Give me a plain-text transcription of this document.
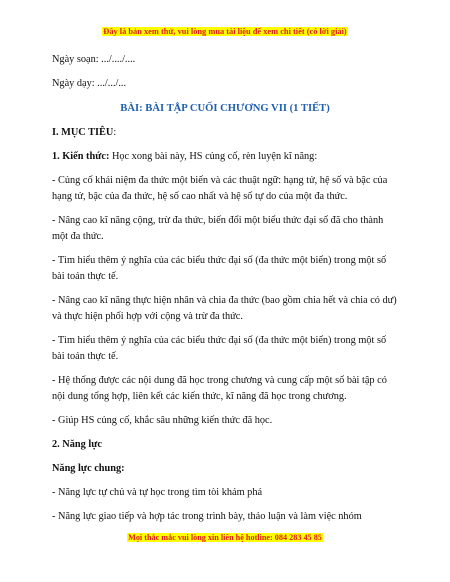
Đây là bản xem thử, vui lòng mua tài liệu để xem chi tiết (có lời giải)

Ngày soạn: .../..../....

Ngày dạy: .../.../...

BÀI: BÀI TẬP CUỐI CHƯƠNG VII (1 TIẾT)

I. MỤC TIÊU:

1. Kiến thức: Học xong bài này, HS củng cố, rèn luyện kĩ năng:

- Củng cố khái niệm đa thức một biến và các thuật ngữ: hạng tử, hệ số và bậc của hạng tử, bậc của đa thức, hệ số cao nhất và hệ số tự do của một đa thức.

- Nâng cao kĩ năng cộng, trừ đa thức, biến đổi một biểu thức đại số đã cho thành một đa thức.

- Tìm hiểu thêm ý nghĩa của các biểu thức đại số (đa thức một biến) trong một số bài toán thực tế.

- Nâng cao kĩ năng thực hiện nhân và chia đa thức (bao gồm chia hết và chia có dư) và thực hiện phối hợp với cộng và trừ đa thức.

- Tìm hiểu thêm ý nghĩa của các biểu thức đại số (đa thức một biến) trong một số bài toán thực tế.

- Hệ thống được các nội dung đã học trong chương và cung cấp một số bài tập có nội dung tổng hợp, liên kết các kiến thức, kĩ năng đã học trong chương.

- Giúp HS củng cố, khắc sâu những kiến thức đã học.

2. Năng lực

Năng lực chung:

- Năng lực tự chủ và tự học trong tìm tòi khám phá

- Năng lực giao tiếp và hợp tác trong trình bày, thảo luận và làm việc nhóm

Mọi thắc mắc vui lòng xin liên hệ hotline: 084 283 45 85
